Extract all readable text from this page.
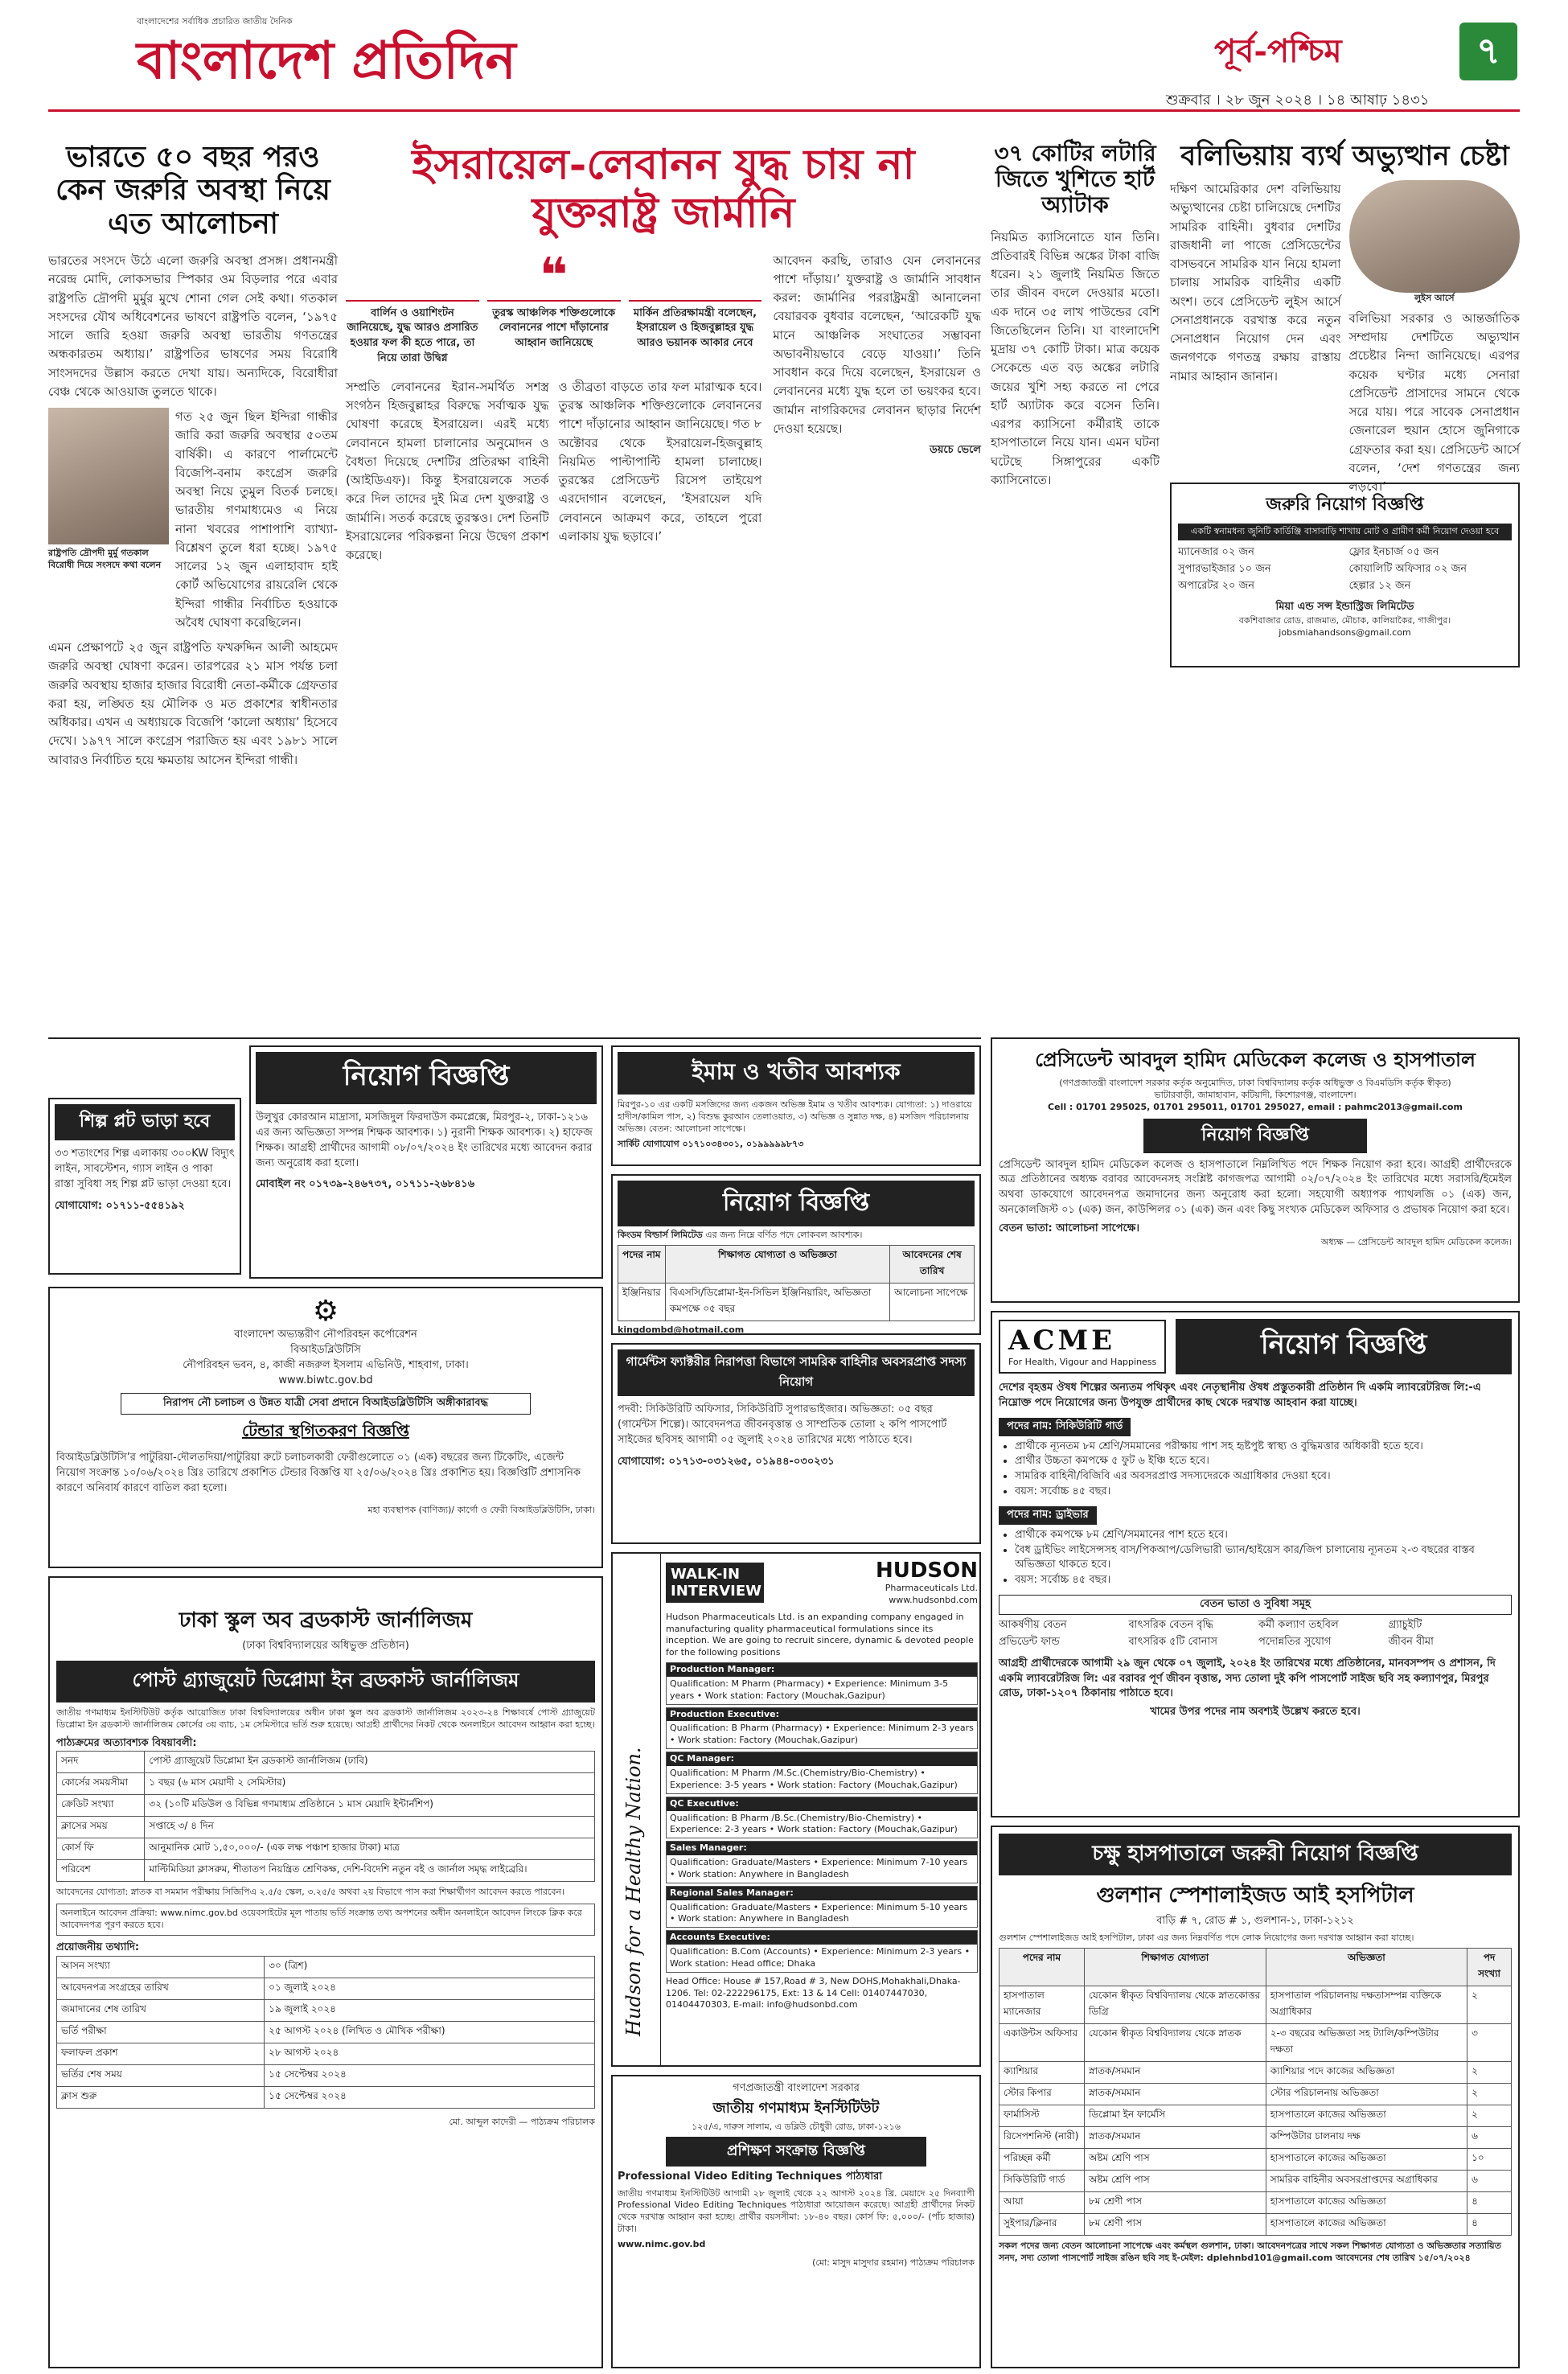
বাংলাদেশের সর্বাধিক প্রচারিত জাতীয় দৈনিক
বাংলাদেশ প্রতিদিন	পূর্ব-পশ্চিম	৭
শুক্রবার । ২৮ জুন ২০২৪ । ১৪ আষাঢ় ১৪৩১
ভারতে ৫০ বছর পরও কেন জরুরি অবস্থা নিয়ে এত আলোচনা
ভারতের সংসদে উঠে এলো জরুরি অবস্থা প্রসঙ্গ। প্রধানমন্ত্রী নরেন্দ্র মোদি, লোকসভার স্পিকার ওম বিড়লার পরে এবার রাষ্ট্রপতি দ্রৌপদী মুর্মুর মুখে শোনা গেল সেই কথা। গতকাল সংসদের যৌথ অধিবেশনের ভাষণে রাষ্ট্রপতি বলেন, ‘১৯৭৫ সালে জারি হওয়া জরুরি অবস্থা ভারতীয় গণতন্ত্রের অন্ধকারতম অধ্যায়।’ রাষ্ট্রপতির ভাষণের সময় বিরোধি সাংসদদের উল্লাস করতে দেখা যায়। অন্যদিকে, বিরোধীরা বেঞ্চ থেকে আওয়াজ তুলতে থাকে।
রাষ্ট্রপতি দ্রৌপদী মুর্মু গতকাল বিরোধী দিয়ে সংসদে কথা বলেন
গত ২৫ জুন ছিল ইন্দিরা গান্ধীর জারি করা জরুরি অবস্থার ৫০তম বার্ষিকী। এ কারণে পার্লামেন্টে বিজেপি-বনাম কংগ্রেস জরুরি অবস্থা নিয়ে তুমুল বিতর্ক চলছে। ভারতীয় গণমাধ্যমেও এ নিয়ে নানা খবরের পাশাপাশি ব্যাখ্যা-বিশ্লেষণ তুলে ধরা হচ্ছে। ১৯৭৫ সালের ১২ জুন এলাহাবাদ হাই কোর্ট অভিযোগের রায়রেলি থেকে ইন্দিরা গান্ধীর নির্বাচিত হওয়াকে অবৈধ ঘোষণা করেছিলেন।
এমন প্রেক্ষাপটে ২৫ জুন রাষ্ট্রপতি ফখরুদ্দিন আলী আহমেদ জরুরি অবস্থা ঘোষণা করেন। তারপরের ২১ মাস পর্যন্ত চলা জরুরি অবস্থায় হাজার হাজার বিরোধী নেতা-কর্মীকে গ্রেফতার করা হয়, লঙ্ঘিত হয় মৌলিক ও মত প্রকাশের স্বাধীনতার অধিকার। এখন এ অধ্যায়কে বিজেপি ‘কালো অধ্যায়’ হিসেবে দেখে। ১৯৭৭ সালে কংগ্রেস পরাজিত হয় এবং ১৯৮১ সালে আবারও নির্বাচিত হয়ে ক্ষমতায় আসেন ইন্দিরা গান্ধী।
ইসরায়েল-লেবানন যুদ্ধ চায় না যুক্তরাষ্ট্র জার্মানি
❝
বার্লিন ও ওয়াশিংটন জানিয়েছে, যুদ্ধ আরও প্রসারিত হওয়ার ফল কী হতে পারে, তা নিয়ে তারা উদ্বিগ্ন
তুরস্ক আঞ্চলিক শক্তিগুলোকে লেবাননের পাশে দাঁড়ানোর আহ্বান জানিয়েছে
মার্কিন প্রতিরক্ষামন্ত্রী বলেছেন, ইসরায়েল ও হিজবুল্লাহর যুদ্ধ আরও ভয়ানক আকার নেবে
সম্প্রতি লেবাননের ইরান-সমর্থিত সশস্ত্র সংগঠন হিজবুল্লাহর বিরুদ্ধে সর্বাত্মক যুদ্ধ ঘোষণা করেছে ইসরায়েল। এরই মধ্যে লেবাননে হামলা চালানোর অনুমোদন ও বৈধতা দিয়েছে দেশটির প্রতিরক্ষা বাহিনী (আইডিএফ)। কিন্তু ইসরায়েলকে সতর্ক করে দিল তাদের দুই মিত্র দেশ যুক্তরাষ্ট্র ও জার্মানি। সতর্ক করেছে তুরস্কও। দেশ তিনটি ইসরায়েলের পরিকল্পনা নিয়ে উদ্বেগ প্রকাশ করেছে।
ও তীব্রতা বাড়তে তার ফল মারাত্মক হবে। তুরস্ক আঞ্চলিক শক্তিগুলোকে লেবাননের পাশে দাঁড়ানোর আহ্বান জানিয়েছে। গত ৮ অক্টোবর থেকে ইসরায়েল-হিজবুল্লাহ নিয়মিত পাল্টাপাল্টি হামলা চালাচ্ছে। তুরস্কের প্রেসিডেন্ট রিসেপ তাইয়েপ এরদোগান বলেছেন, ‘ইসরায়েল যদি লেবাননে আক্রমণ করে, তাহলে পুরো এলাকায় যুদ্ধ ছড়াবে।’
আবেদন করছি, তারাও যেন লেবাননের পাশে দাঁড়ায়।’ যুক্তরাষ্ট্র ও জার্মানি সাবধান করল: জার্মানির পররাষ্ট্রমন্ত্রী আনালেনা বেয়ারবক বুধবার বলেছেন, ‘আরেকটি যুদ্ধ মানে আঞ্চলিক সংঘাতের সম্ভাবনা অভাবনীয়ভাবে বেড়ে যাওয়া।’ তিনি সাবধান করে দিয়ে বলেছেন, ইসরায়েল ও লেবাননের মধ্যে যুদ্ধ হলে তা ভয়ংকর হবে। জার্মান নাগরিকদের লেবানন ছাড়ার নির্দেশ দেওয়া হয়েছে।
ডয়চে ভেলে
৩৭ কোটির লটারি জিতে খুশিতে হার্ট অ্যাটাক
নিয়মিত ক্যাসিনোতে যান তিনি। প্রতিবারই বিভিন্ন অঙ্কের টাকা বাজি ধরেন। ২১ জুলাই নিয়মিত জিতে তার জীবন বদলে দেওয়ার মতো। এক দানে ৩৫ লাখ পাউন্ডের বেশি জিতেছিলেন তিনি। যা বাংলাদেশি মুদ্রায় ৩৭ কোটি টাকা। মাত্র কয়েক সেকেন্ডে এত বড় অঙ্কের লটারি জয়ের খুশি সহ্য করতে না পেরে হার্ট অ্যাটাক করে বসেন তিনি। এরপর ক্যাসিনো কর্মীরাই তাকে হাসপাতালে নিয়ে যান। এমন ঘটনা ঘটেছে সিঙ্গাপুরের একটি ক্যাসিনোতে।
বলিভিয়ায় ব্যর্থ অভ্যুত্থান চেষ্টা
দক্ষিণ আমেরিকার দেশ বলিভিয়ায় অভ্যুত্থানের চেষ্টা চালিয়েছে দেশটির সামরিক বাহিনী। বুধবার দেশটির রাজধানী লা পাজে প্রেসিডেন্টের বাসভবনে সামরিক যান নিয়ে হামলা চালায় সামরিক বাহিনীর একটি অংশ। তবে প্রেসিডেন্ট লুইস আর্সে সেনাপ্রধানকে বরখাস্ত করে নতুন সেনাপ্রধান নিয়োগ দেন এবং জনগণকে গণতন্ত্র রক্ষায় রাস্তায় নামার আহ্বান জানান।
লুইস আর্সে
বলিভিয়া সরকার ও আন্তর্জাতিক সম্প্রদায় দেশটিতে অভ্যুত্থান প্রচেষ্টার নিন্দা জানিয়েছে। এরপর কয়েক ঘণ্টার মধ্যে সেনারা প্রেসিডেন্ট প্রাসাদের সামনে থেকে সরে যায়। পরে সাবেক সেনাপ্রধান জেনারেল হুয়ান হোসে জুনিগাকে গ্রেফতার করা হয়। প্রেসিডেন্ট আর্সে বলেন, ‘দেশ গণতন্ত্রের জন্য লড়বে।’
জরুরি নিয়োগ বিজ্ঞপ্তি
একটি স্বনামধন্য জুনিটি কার্ডিঞ্জি বাসাবাড়ি শাখায় মোট ও গ্রামীণ কর্মী নিয়োগ দেওয়া হবে
ম্যানেজার ০২ জন	ফ্লোর ইনচার্জ ০৫ জন
সুপারভাইজার ১০ জন	কোয়ালিটি অফিসার ০২ জন
অপারেটর ২০ জন	হেল্পার ১২ জন
মিয়া এন্ড সন্স ইন্ডাস্ট্রিজ লিমিটেড
বকশিবাজার রোড, রাজমাত, মৌচাক, কালিয়াকৈর, গাজীপুর।
jobsmiahandsons@gmail.com
শিল্প প্লট ভাড়া হবে
৩৩ শতাংশের শিল্প এলাকায় ৩০০KW বিদ্যুৎ লাইন, সাবস্টেশন, গ্যাস লাইন ও পাকা রাস্তা সুবিধা সহ শিল্প প্লট ভাড়া দেওয়া হবে।
যোগাযোগ: ০১৭১১-৫৫৪১৯২
নিয়োগ বিজ্ঞপ্তি
উলুখুর কোরআন মাদ্রাসা, মসজিদুল ফিরদাউস কমপ্লেক্সে, মিরপুর-২, ঢাকা-১২১৬ এর জন্য অভিজ্ঞতা সম্পন্ন শিক্ষক আবশ্যক। ১) নুরানী শিক্ষক আবশ্যক। ২) হাফেজ শিক্ষক। আগ্রহী প্রার্থীদের আগামী ০৮/০৭/২০২৪ ইং তারিখের মধ্যে আবেদন করার জন্য অনুরোধ করা হলো।
মোবাইল নং ০১৭৩৯-২৪৬৭৩৭, ০১৭১১-২৬৮৪১৬
ইমাম ও খতীব আবশ্যক
মিরপুর-১০ এর একটি মসজিদের জন্য একজন অভিজ্ঞ ইমাম ও খতীব আবশ্যক। যোগ্যতা: ১) দাওরায়ে হাদীস/কামিল পাস, ২) বিশুদ্ধ কুরআন তেলাওয়াত, ৩) অভিজ্ঞ ও সুন্নাত দক্ষ, ৪) মসজিদ পরিচালনায় অভিজ্ঞ। বেতন: আলোচনা সাপেক্ষে।
সার্কিট যোগাযোগ ০১৭১০৩৪৩০১, ০১৯৯৯৯৯৮৭৩
নিয়োগ বিজ্ঞপ্তি
কিংডম বিল্ডার্স লিমিটেড এর জন্য নিম্নে বর্ণিত পদে লোকবল আবশ্যক।
পদের নাম	শিক্ষাগত যোগ্যতা ও অভিজ্ঞতা	আবেদনের শেষ তারিখ
ইঞ্জিনিয়ার	বিএসসি/ডিপ্লোমা-ইন-সিভিল ইঞ্জিনিয়ারিং, অভিজ্ঞতা কমপক্ষে ০৫ বছর	আলোচনা সাপেক্ষে
kingdombd@hotmail.com
⚙
বাংলাদেশ অভ্যন্তরীণ নৌপরিবহন কর্পোরেশন
বিআইডব্লিউটিসি
নৌপরিবহন ভবন, ৪, কাজী নজরুল ইসলাম এভিনিউ, শাহবাগ, ঢাকা।
www.biwtc.gov.bd
নিরাপদ নৌ চলাচল ও উন্নত যাত্রী সেবা প্রদানে বিআইডব্লিউটিসি অঙ্গীকারাবদ্ধ
টেন্ডার স্থগিতকরণ বিজ্ঞপ্তি
বিআইডব্লিউটিসি’র পাটুরিয়া-দৌলতদিয়া/পাটুরিয়া রুটে চলাচলকারী ফেরীগুলোতে ০১ (এক) বছরের জন্য টিকেটিং, এজেন্ট নিয়োগ সংক্রান্ত ১০/০৬/২০২৪ খ্রিঃ তারিখে প্রকাশিত টেন্ডার বিজ্ঞপ্তি যা ২৫/০৬/২০২৪ খ্রিঃ প্রকাশিত হয়। বিজ্ঞপ্তিটি প্রশাসনিক কারণে অনিবার্য কারণে বাতিল করা হলো।
মহা ব্যবস্থাপক (বাণিজ্য)/ কার্গো ও ফেরী বিআইডব্লিউটিসি, ঢাকা।
গার্মেন্টস ফ্যাক্টরীর নিরাপত্তা বিভাগে সামরিক বাহিনীর অবসরপ্রাপ্ত সদস্য নিয়োগ
পদবী: সিকিউরিটি অফিসার, সিকিউরিটি সুপারভাইজার। অভিজ্ঞতা: ০৫ বছর (গার্মেন্টস শিল্পে)। আবেদনপত্র জীবনবৃত্তান্ত ও সাম্প্রতিক তোলা ২ কপি পাসপোর্ট সাইজের ছবিসহ আগামী ০৫ জুলাই ২০২৪ তারিখের মধ্যে পাঠাতে হবে।
যোগাযোগ: ০১৭১৩-০৩১২৬৫, ০১৯৪৪-০৩০২৩১
ঢাকা স্কুল অব ব্রডকাস্ট জার্নালিজম
(ঢাকা বিশ্ববিদ্যালয়ের অধিভুক্ত প্রতিষ্ঠান)
পোস্ট গ্র্যাজুয়েট ডিপ্লোমা ইন ব্রডকাস্ট জার্নালিজম
জাতীয় গণমাধ্যম ইনস্টিটিউট কর্তৃক আয়োজিত ঢাকা বিশ্ববিদ্যালয়ের অধীন ঢাকা স্কুল অব ব্রডকাস্ট জার্নালিজম ২০২৩-২৪ শিক্ষাবর্ষে পোস্ট গ্র্যাজুয়েট ডিপ্লোমা ইন ব্রডকাস্ট জার্নালিজম কোর্সের ৩য় ব্যাচ, ১ম সেমিস্টারে ভর্তি শুরু হয়েছে। আগ্রহী প্রার্থীদের নিকট থেকে অনলাইনে আবেদন আহ্বান করা হচ্ছে।
পাঠ্যক্রমের অত্যাবশ্যক বিষয়াবলী:
সনদ	পোস্ট গ্র্যাজুয়েট ডিপ্লোমা ইন ব্রডকাস্ট জার্নালিজম (ঢাবি)
কোর্সের সময়সীমা	১ বছর (৬ মাস মেয়াদী ২ সেমিস্টার)
ক্রেডিট সংখ্যা	৩২ (১০টি মডিউল ও বিভিন্ন গণমাধ্যম প্রতিষ্ঠানে ১ মাস মেয়াদি ইন্টার্নশিপ)
ক্লাসের সময়	সপ্তাহে ৩/ ৪ দিন
কোর্স ফি	আনুমানিক মোট ১,৫০,০০০/- (এক লক্ষ পঞ্চাশ হাজার টাকা) মাত্র
পরিবেশ	মাল্টিমিডিয়া ক্লাসরুম, শীতাতপ নিয়ন্ত্রিত শ্রেণিকক্ষ, দেশি-বিদেশি নতুন বই ও জার্নাল সমৃদ্ধ লাইব্রেরি।
আবেদনের যোগ্যতা: স্নাতক বা সমমান পরীক্ষায় সিজিপিএ ২.৫/৫ স্কেল, ৩.২৫/৫ অথবা ২য় বিভাগে পাস করা শিক্ষার্থীগণ আবেদন করতে পারবেন।
অনলাইনে আবেদন প্রক্রিয়া: www.nimc.gov.bd ওয়েবসাইটের মূল পাতায় ভর্তি সংক্রান্ত তথ্য অপশনের অধীন অনলাইনে আবেদন লিংকে ক্লিক করে আবেদনপত্র পূরণ করতে হবে।
প্রয়োজনীয় তথ্যাদি:
আসন সংখ্যা	৩০ (ত্রিশ)
আবেদনপত্র সংগ্রহের তারিখ	০১ জুলাই ২০২৪
জমাদানের শেষ তারিখ	১৯ জুলাই ২০২৪
ভর্তি পরীক্ষা	২৫ আগস্ট ২০২৪ (লিখিত ও মৌখিক পরীক্ষা)
ফলাফল প্রকাশ	২৮ আগস্ট ২০২৪
ভর্তির শেষ সময়	১৫ সেপ্টেম্বর ২০২৪
ক্লাস শুরু	১৫ সেপ্টেম্বর ২০২৪
মো. আব্দুল কাদেরী — পাঠ্যক্রম পরিচালক
Hudson for a Healthy Nation.
WALK-IN INTERVIEW
HUDSON
Pharmaceuticals Ltd.
www.hudsonbd.com
Hudson Pharmaceuticals Ltd. is an expanding company engaged in manufacturing quality pharmaceutical formulations since its inception. We are going to recruit sincere, dynamic & devoted people for the following positions
Production Manager:
Qualification: M Pharm (Pharmacy) • Experience: Minimum 3-5 years • Work station: Factory (Mouchak,Gazipur)
Production Executive:
Qualification: B Pharm (Pharmacy) • Experience: Minimum 2-3 years • Work station: Factory (Mouchak,Gazipur)
QC Manager:
Qualification: M Pharm /M.Sc.(Chemistry/Bio-Chemistry) • Experience: 3-5 years • Work station: Factory (Mouchak,Gazipur)
QC Executive:
Qualification: B Pharm /B.Sc.(Chemistry/Bio-Chemistry) • Experience: 2-3 years • Work station: Factory (Mouchak,Gazipur)
Sales Manager:
Qualification: Graduate/Masters • Experience: Minimum 7-10 years • Work station: Anywhere in Bangladesh
Regional Sales Manager:
Qualification: Graduate/Masters • Experience: Minimum 5-10 years • Work station: Anywhere in Bangladesh
Accounts Executive:
Qualification: B.Com (Accounts) • Experience: Minimum 2-3 years • Work station: Head office; Dhaka
Head Office: House # 157,Road # 3, New DOHS,Mohakhali,Dhaka-1206. Tel: 02-222296175, Ext: 13 & 14 Cell: 01407447030, 01404470303, E-mail: info@hudsonbd.com
গণপ্রজাতন্ত্রী বাংলাদেশ সরকার
জাতীয় গণমাধ্যম ইনস্টিটিউট
১২৫/এ, দারুস সালাম, এ ডব্লিউ চৌধুরী রোড, ঢাকা-১২১৬
প্রশিক্ষণ সংক্রান্ত বিজ্ঞপ্তি
Professional Video Editing Techniques পাঠ্যধারা
জাতীয় গণমাধ্যম ইনস্টিটিউট আগামী ২৮ জুলাই থেকে ২২ আগস্ট ২০২৪ খ্রি. মেয়াদে ২৫ দিনব্যাপী Professional Video Editing Techniques পাঠ্যধারা আয়োজন করেছে। আগ্রহী প্রার্থীদের নিকট থেকে দরখাস্ত আহ্বান করা হচ্ছে। প্রার্থীর বয়সসীমা: ১৮-৪০ বছর। কোর্স ফি: ৫,০০০/- (পাঁচ হাজার) টাকা।
www.nimc.gov.bd
(মো: মাসুদ মাসুদার রহমান) পাঠ্যক্রম পরিচালক
প্রেসিডেন্ট আবদুল হামিদ মেডিকেল কলেজ ও হাসপাতাল
(গণপ্রজাতন্ত্রী বাংলাদেশ সরকার কর্তৃক অনুমোদিত, ঢাকা বিশ্ববিদ্যালয় কর্তৃক অধিভুক্ত ও বিএমডিসি কর্তৃক স্বীকৃত)
ভাটারবাড়ী, জামাহাবান, কটিয়াদী, কিশোরগঞ্জ, বাংলাদেশ।
Cell : 01701 295025, 01701 295011, 01701 295027, email : pahmc2013@gmail.com
নিয়োগ বিজ্ঞপ্তি
প্রেসিডেন্ট আবদুল হামিদ মেডিকেল কলেজ ও হাসপাতালে নিম্নলিখিত পদে শিক্ষক নিয়োগ করা হবে। আগ্রহী প্রার্থীদেরকে অত্র প্রতিষ্ঠানের অধ্যক্ষ বরাবর আবেদনসহ সংশ্লিষ্ট কাগজপত্র আগামী ০২/০৭/২০২৪ ইং তারিখের মধ্যে সরাসরি/ইমেইল অথবা ডাকযোগে আবেদনপত্র জমাদানের জন্য অনুরোধ করা হলো। সহযোগী অধ্যাপক প্যাথলজি ০১ (এক) জন, অনকোলজিস্ট ০১ (এক) জন, কাউন্সিলর ০১ (এক) জন এবং কিছু সংখ্যক মেডিকেল অফিসার ও প্রভাষক নিয়োগ করা হবে।
বেতন ভাতা: আলোচনা সাপেক্ষে।
অধ্যক্ষ — প্রেসিডেন্ট আবদুল হামিদ মেডিকেল কলেজ।
ACME
For Health, Vigour and Happiness
নিয়োগ বিজ্ঞপ্তি
দেশের বৃহত্তম ঔষধ শিল্পের অন্যতম পথিকৃৎ এবং নেতৃস্থানীয় ঔষধ প্রস্তুতকারী প্রতিষ্ঠান দি একমি ল্যাবরেটরিজ লি:-এ নিম্নোক্ত পদে নিয়োগের জন্য উপযুক্ত প্রার্থীদের কাছ থেকে দরখাস্ত আহবান করা যাচ্ছে।
পদের নাম: সিকিউরিটি গার্ড
• প্রার্থীকে ন্যূনতম ৮ম শ্রেণি/সমমানের পরীক্ষায় পাশ সহ হৃষ্টপুষ্ট স্বাস্থ্য ও বুদ্ধিমত্তার অধিকারী হতে হবে।
• প্রার্থীর উচ্চতা কমপক্ষে ৫ ফুট ৬ ইঞ্চি হতে হবে।
• সামরিক বাহিনী/বিজিবি এর অবসরপ্রাপ্ত সদস্যদেরকে অগ্রাধিকার দেওয়া হবে।
• বয়স: সর্বোচ্চ ৪৫ বছর।
পদের নাম: ড্রাইভার
• প্রার্থীকে কমপক্ষে ৮ম শ্রেণি/সমমানের পাশ হতে হবে।
• বৈধ ড্রাইভিং লাইসেন্সসহ বাস/পিকআপ/ডেলিভারী ভ্যান/হাইয়েস কার/জিপ চালানোয় ন্যূনতম ২-৩ বছরের বাস্তব অভিজ্ঞতা থাকতে হবে।
• বয়স: সর্বোচ্চ ৪৫ বছর।
বেতন ভাতা ও সুবিধা সমূহ
আকর্ষণীয় বেতন	বাৎসরিক বেতন বৃদ্ধি	কর্মী কল্যাণ তহবিল	গ্র্যাচুইটি
প্রভিডেন্ট ফান্ড	বাৎসরিক ৫টি বোনাস	পদোন্নতির সুযোগ	জীবন বীমা
আগ্রহী প্রার্থীদেরকে আগামী ২৯ জুন থেকে ০৭ জুলাই, ২০২৪ ইং তারিখের মধ্যে প্রতিষ্ঠানের, মানবসম্পদ ও প্রশাসন, দি একমি ল্যাবরেটরিজ লি: এর বরাবর পূর্ণ জীবন বৃত্তান্ত, সদ্য তোলা দুই কপি পাসপোর্ট সাইজ ছবি সহ কল্যাণপুর, মিরপুর রোড, ঢাকা-১২০৭ ঠিকানায় পাঠাতে হবে।
খামের উপর পদের নাম অবশ্যই উল্লেখ করতে হবে।
চক্ষু হাসপাতালে জরুরী নিয়োগ বিজ্ঞপ্তি
গুলশান স্পেশালাইজড আই হসপিটাল
বাড়ি # ৭, রোড # ১, গুলশান-১, ঢাকা-১২১২
গুলশান স্পেশালাইজড আই হসপিটাল, ঢাকা এর জন্য নিম্নবর্ণিত পদে লোক নিয়োগের জন্য দরখাস্ত আহ্বান করা যাচ্ছে।
পদের নাম	শিক্ষাগত যোগ্যতা	অভিজ্ঞতা	পদ সংখ্যা
হাসপাতাল ম্যানেজার	যেকোন স্বীকৃত বিশ্ববিদ্যালয় থেকে স্নাতকোত্তর ডিগ্রি	হাসপাতাল পরিচালনায় দক্ষতাসম্পন্ন ব্যক্তিকে অগ্রাধিকার	২
একাউন্টস অফিসার	যেকোন স্বীকৃত বিশ্ববিদ্যালয় থেকে স্নাতক	২-৩ বছরের অভিজ্ঞতা সহ ট্যালি/কম্পিউটার দক্ষতা	৩
ক্যাশিয়ার	স্নাতক/সমমান	ক্যাশিয়ার পদে কাজের অভিজ্ঞতা	২
স্টোর কিপার	স্নাতক/সমমান	স্টোর পরিচালনায় অভিজ্ঞতা	২
ফার্মাসিস্ট	ডিপ্লোমা ইন ফার্মেসি	হাসপাতালে কাজের অভিজ্ঞতা	২
রিসেপশনিস্ট (নারী)	স্নাতক/সমমান	কম্পিউটার চালনায় দক্ষ	৬
পরিচ্ছন্ন কর্মী	অষ্টম শ্রেণি পাস	হাসপাতালে কাজের অভিজ্ঞতা	১০
সিকিউরিটি গার্ড	অষ্টম শ্রেণি পাস	সামরিক বাহিনীর অবসরপ্রাপ্তদের অগ্রাধিকার	৬
আয়া	৮ম শ্রেণী পাস	হাসপাতালে কাজের অভিজ্ঞতা	৪
সুইপার/ক্লিনার	৮ম শ্রেণী পাস	হাসপাতালে কাজের অভিজ্ঞতা	৪
সকল পদের জন্য বেতন আলোচনা সাপেক্ষে এবং কর্মস্থল গুলশান, ঢাকা। আবেদনপত্রের সাথে সকল শিক্ষাগত যোগ্যতা ও অভিজ্ঞতার সত্যায়িত সনদ, সদ্য তোলা পাসপোর্ট সাইজ রঙিন ছবি সহ ই-মেইল: dplehnbd101@gmail.com আবেদনের শেষ তারিখ ১৫/০৭/২০২৪
